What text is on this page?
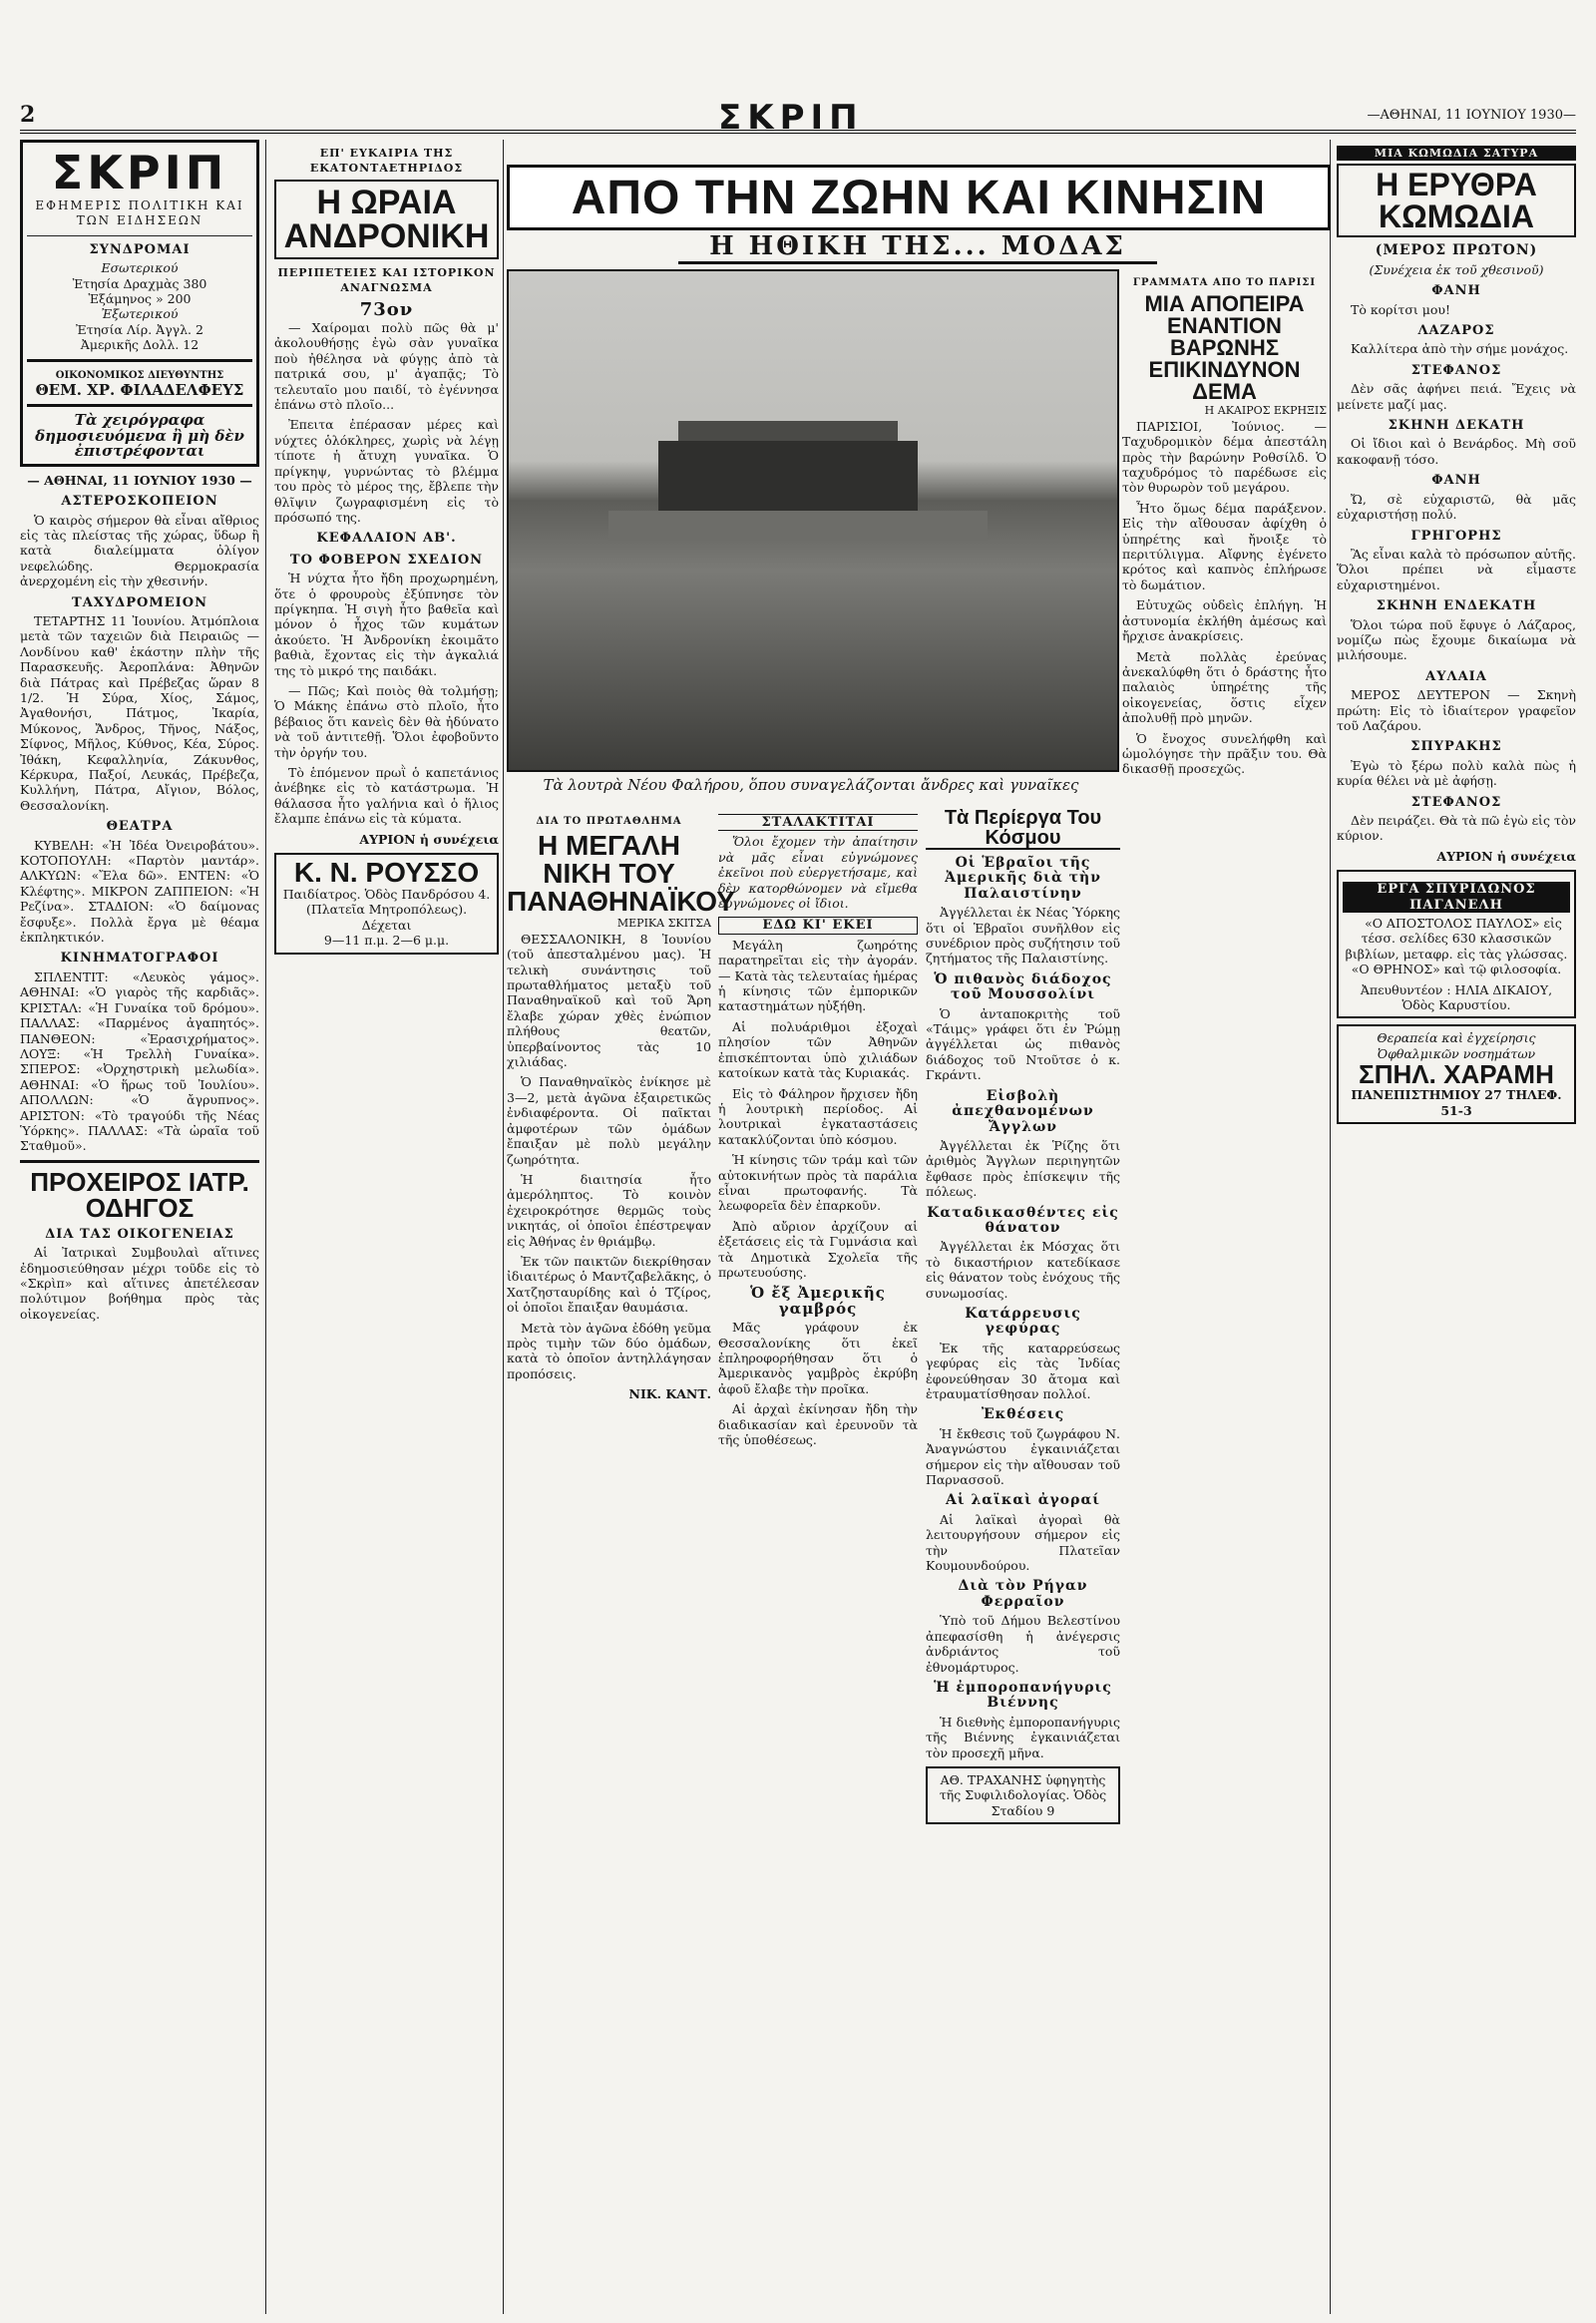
2	ΣΚΡΙΠ	—ΑΘΗΝΑΙ, 11 ΙΟΥΝΙΟΥ 1930—
ΣΚΡΙΠ
ΕΦΗΜΕΡΙΣ ΠΟΛΙΤΙΚΗ ΚΑΙ ΤΩΝ ΕΙΔΗΣΕΩΝ
ΣΥΝΔΡΟΜΑΙ
Εσωτερικού
Ἐτησία Δραχμὰς 380
Ἑξάμηνος » 200
Ἐξωτερικού
Ἐτησία Λίρ. Ἀγγλ. 2
Ἀμερικῆς Δολλ. 12
ΟΙΚΟΝΟΜΙΚΟΣ ΔΙΕΥΘΥΝΤΗΣ
ΘΕΜ. ΧΡ. ΦΙΛΑΔΕΛΦΕΥΣ
Τὰ χειρόγραφα δημοσιευόμενα ἢ μὴ δὲν ἐπιστρέφονται
— ΑΘΗΝΑΙ, 11 ΙΟΥΝΙΟΥ 1930 —
ΑΣΤΕΡΟΣΚΟΠΕΙΟΝ

Ὁ καιρὸς σήμερον θὰ εἶναι αἴθριος εἰς τὰς πλείστας τῆς χώρας, ὕδωρ ἢ κατὰ διαλείμματα ὀλίγον νεφελώδης. Θερμοκρασία ἀνερχομένη εἰς τὴν χθεσινήν.

ΤΑΧΥΔΡΟΜΕΙΟΝ

ΤΕΤΑΡΤΗΣ 11 Ἰουνίου. Ἀτμόπλοια μετὰ τῶν ταχειῶν διὰ Πειραιῶς — Λονδίνου καθ' ἑκάστην πλὴν τῆς Παρασκευῆς. Ἀεροπλάνα: Ἀθηνῶν διὰ Πάτρας καὶ Πρέβεζας ὥραν 8 1/2. Ἡ Σύρα, Χίος, Σάμος, Ἀγαθονήσι, Πάτμος, Ἰκαρία, Μύκονος, Ἄνδρος, Τῆνος, Νάξος, Σίφνος, Μῆλος, Κύθνος, Κέα, Σύρος. Ἰθάκη, Κεφαλληνία, Ζάκυνθος, Κέρκυρα, Παξοί, Λευκάς, Πρέβεζα, Κυλλήνη, Πάτρα, Αἴγιον, Βόλος, Θεσσαλονίκη.

ΘΕΑΤΡΑ

ΚΥΒΕΛΗ: «Ἡ Ἰδέα Ὀνειροβάτου». ΚΟΤΟΠΟΥΛΗ: «Παρτὸν μαντάρ». ΑΛΚΥΩΝ: «Ἔλα δῶ». ΕΝΤΕΝ: «Ὁ Κλέφτης». ΜΙΚΡΟΝ ΖΑΠΠΕΙΟΝ: «Ἡ Ρεζίνα». ΣΤΑΔΙΟΝ: «Ὁ δαίμονας ἔσφυξε». Πολλὰ ἔργα μὲ θέαμα ἐκπληκτικόν.

ΚΙΝΗΜΑΤΟΓΡΑΦΟΙ

ΣΠΛΕΝΤΙΤ: «Λευκὸς γάμος». ΑΘΗΝΑΙ: «Ὁ γιαρὸς τῆς καρδιᾶς». ΚΡΙΣΤΑΛ: «Ἡ Γυναίκα τοῦ δρόμου». ΠΑΛΛΑΣ: «Παρμένος ἀγαπητός». ΠΑΝΘΕΟΝ: «Ἐρασιχρήματος». ΛΟΥΞ: «Ἡ Τρελλὴ Γυναίκα». ΣΠΕΡΟΣ: «Ὀρχηστρικὴ μελωδία». ΑΘΗΝΑΙ: «Ὁ ἥρως τοῦ Ἰουλίου». ΑΠΟΛΛΩΝ: «Ὁ ἄγρυπνος». ΑΡΙΣΤΟΝ: «Τὸ τραγούδι τῆς Νέας Ὑόρκης». ΠΑΛΛΑΣ: «Τὰ ὠραῖα τοῦ Σταθμοῦ».

ΠΡΟΧΕΙΡΟΣ ΙΑΤΡ. ΟΔΗΓΟΣ
ΔΙΑ ΤΑΣ ΟΙΚΟΓΕΝΕΙΑΣ

Αἱ Ἰατρικαὶ Συμβουλαὶ αἵτινες ἐδημοσιεύθησαν μέχρι τοῦδε εἰς τὸ «Σκρὶπ» καὶ αἵτινες ἀπετέλεσαν πολύτιμον βοήθημα πρὸς τὰς οἰκογενείας.

ΕΠ' ΕΥΚΑΙΡΙΑ ΤΗΣ ΕΚΑΤΟΝΤΑΕΤΗΡΙΔΟΣ
Η ΩΡΑΙΑ ΑΝΔΡΟΝΙΚΗ
ΠΕΡΙΠΕΤΕΙΕΣ ΚΑΙ ΙΣΤΟΡΙΚΟΝ ΑΝΑΓΝΩΣΜΑ
73ον

— Χαίρομαι πολὺ πῶς θὰ μ' ἀκολουθήσῃς ἐγὼ σὰν γυναῖκα ποὺ ἠθέλησα νὰ φύγῃς ἀπὸ τὰ πατρικά σου, μ' ἀγαπᾷς; Τὸ τελευταῖο μου παιδί, τὸ ἐγέννησα ἐπάνω στὸ πλοῖο...

Ἐπειτα ἐπέρασαν μέρες καὶ νύχτες ὁλόκληρες, χωρὶς νὰ λέγῃ τίποτε ἡ ἄτυχη γυναῖκα. Ὁ πρίγκηψ, γυρνώντας τὸ βλέμμα του πρὸς τὸ μέρος της, ἔβλεπε τὴν θλῖψιν ζωγραφισμένη εἰς τὸ πρόσωπό της.

ΚΕΦΑΛΑΙΟΝ ΑΒ'.
ΤΟ ΦΟΒΕΡΟΝ ΣΧΕΔΙΟΝ

Ἡ νύχτα ἦτο ἤδη προχωρημένη, ὅτε ὁ φρουροὺς ἐξύπνησε τὸν πρίγκηπα. Ἡ σιγὴ ἦτο βαθεῖα καὶ μόνον ὁ ἦχος τῶν κυμάτων ἀκούετο. Ἡ Ἀνδρονίκη ἐκοιμᾶτο βαθιὰ, ἔχοντας εἰς τὴν ἀγκαλιά της τὸ μικρό της παιδάκι.

— Πῶς; Καὶ ποιὸς θὰ τολμήσῃ; Ὁ Μάκης ἐπάνω στὸ πλοῖο, ἦτο βέβαιος ὅτι κανεὶς δὲν θὰ ἠδύνατο νὰ τοῦ ἀντιτεθῇ. Ὅλοι ἐφοβοῦντο τὴν ὀργήν του.

Τὸ ἑπόμενον πρωῒ ὁ καπετάνιος ἀνέβηκε εἰς τὸ κατάστρωμα. Ἡ θάλασσα ἦτο γαλήνια καὶ ὁ ἥλιος ἔλαμπε ἐπάνω εἰς τὰ κύματα.

ΑΥΡΙΟΝ ἡ συνέχεια
Κ. Ν. ΡΟΥΣΣΟ
Παιδίατρος. Ὁδὸς Πανδρόσου 4.
(Πλατεῖα Μητροπόλεως). Δέχεται
9—11 π.μ. 2—6 μ.μ.
ΑΠΟ ΤΗΝ ΖΩΗΝ ΚΑΙ ΚΙΝΗΣΙΝ
Η ΗΘΙΚΗ ΤΗΣ... ΜΟΔΑΣ
Τὰ λουτρὰ Νέου Φαλήρου, ὅπου συναγελάζονται ἄνδρες καὶ γυναῖκες
ΔΙΑ ΤΟ ΠΡΩΤΑΘΛΗΜΑ
Η ΜΕΓΑΛΗ ΝΙΚΗ ΤΟΥ ΠΑΝΑΘΗΝΑΪΚΟΥ
ΜΕΡΙΚΑ ΣΚΙΤΣΑ

ΘΕΣΣΑΛΟΝΙΚΗ, 8 Ἰουνίου (τοῦ ἀπεσταλμένου μας). Ἡ τελικὴ συνάντησις τοῦ πρωταθλήματος μεταξὺ τοῦ Παναθηναϊκοῦ καὶ τοῦ Ἄρη ἔλαβε χώραν χθὲς ἐνώπιον πλήθους θεατῶν, ὑπερβαίνοντος τὰς 10 χιλιάδας.

Ὁ Παναθηναϊκὸς ἐνίκησε μὲ 3—2, μετὰ ἀγῶνα ἐξαιρετικῶς ἐνδιαφέροντα. Οἱ παῖκται ἀμφοτέρων τῶν ὁμάδων ἔπαιξαν μὲ πολὺ μεγάλην ζωηρότητα.

Ἡ διαιτησία ἦτο ἀμερόληπτος. Τὸ κοινὸν ἐχειροκρότησε θερμῶς τοὺς νικητάς, οἱ ὁποῖοι ἐπέστρεψαν εἰς Ἀθήνας ἐν θριάμβῳ.

Ἐκ τῶν παικτῶν διεκρίθησαν ἰδιαιτέρως ὁ Μαντζαβελᾶκης, ὁ Χατζησταυρίδης καὶ ὁ Τζίρος, οἱ ὁποῖοι ἔπαιξαν θαυμάσια.

Μετὰ τὸν ἀγῶνα ἐδόθη γεῦμα πρὸς τιμὴν τῶν δύο ὁμάδων, κατὰ τὸ ὁποῖον ἀντηλλάγησαν προπόσεις.

ΝΙΚ. ΚΑΝΤ.
ΣΤΑΛΑΚΤΙΤΑΙ

Ὅλοι ἔχομεν τὴν ἀπαίτησιν νὰ μᾶς εἶναι εὐγνώμονες ἐκεῖνοι ποὺ εὐεργετήσαμε, καὶ δὲν κατορθώνομεν νὰ εἴμεθα εὐγνώμονες οἱ ἴδιοι.

ΕΔΩ ΚΙ' ΕΚΕΙ

Μεγάλη ζωηρότης παρατηρεῖται εἰς τὴν ἀγοράν. — Κατὰ τὰς τελευταίας ἡμέρας ἡ κίνησις τῶν ἐμπορικῶν καταστημάτων ηὐξήθη.

Αἱ πολυάριθμοι ἐξοχαὶ πλησίον τῶν Ἀθηνῶν ἐπισκέπτονται ὑπὸ χιλιάδων κατοίκων κατὰ τὰς Κυριακάς.

Εἰς τὸ Φάληρον ἤρχισεν ἤδη ἡ λουτρικὴ περίοδος. Αἱ λουτρικαὶ ἐγκαταστάσεις κατακλύζονται ὑπὸ κόσμου.

Ἡ κίνησις τῶν τράμ καὶ τῶν αὐτοκινήτων πρὸς τὰ παράλια εἶναι πρωτοφανής. Τὰ λεωφορεῖα δὲν ἐπαρκοῦν.

Ἀπὸ αὔριον ἀρχίζουν αἱ ἐξετάσεις εἰς τὰ Γυμνάσια καὶ τὰ Δημοτικὰ Σχολεῖα τῆς πρωτευούσης.

Ὁ ἔξ Ἀμερικῆς γαμβρός

Μᾶς γράφουν ἐκ Θεσσαλονίκης ὅτι ἐκεῖ ἐπληροφορήθησαν ὅτι ὁ Ἀμερικανὸς γαμβρὸς ἐκρύβη ἀφοῦ ἔλαβε τὴν προῖκα.

Αἱ ἀρχαὶ ἐκίνησαν ἤδη τὴν διαδικασίαν καὶ ἐρευνοῦν τὰ τῆς ὑποθέσεως.

ΓΡΑΜΜΑΤΑ ΑΠΟ ΤΟ ΠΑΡΙΣΙ
ΜΙΑ ΑΠΟΠΕΙΡΑ ΕΝΑΝΤΙΟΝ ΒΑΡΩΝΗΣ ΕΠΙΚΙΝΔΥΝΟΝ ΔΕΜΑ
Η ΑΚΑΙΡΟΣ ΕΚΡΗΞΙΣ

ΠΑΡΙΣΙΟΙ, Ἰούνιος. — Ταχυδρομικὸν δέμα ἀπεστάλη πρὸς τὴν βαρώνην Ροθσίλδ. Ὁ ταχυδρόμος τὸ παρέδωσε εἰς τὸν θυρωρὸν τοῦ μεγάρου.

Ἦτο ὅμως δέμα παράξενον. Εἰς τὴν αἴθουσαν ἀφίχθη ὁ ὑπηρέτης καὶ ἤνοιξε τὸ περιτύλιγμα. Αἴφνης ἐγένετο κρότος καὶ καπνὸς ἐπλήρωσε τὸ δωμάτιον.

Εὐτυχῶς οὐδεὶς ἐπλήγη. Ἡ ἀστυνομία ἐκλήθη ἀμέσως καὶ ἤρχισε ἀνακρίσεις.

Μετὰ πολλὰς ἐρεύνας ἀνεκαλύφθη ὅτι ὁ δράστης ἦτο παλαιὸς ὑπηρέτης τῆς οἰκογενείας, ὅστις εἶχεν ἀπολυθῇ πρὸ μηνῶν.

Ὁ ἔνοχος συνελήφθη καὶ ὡμολόγησε τὴν πρᾶξιν του. Θὰ δικασθῇ προσεχῶς.

Τὰ Περίεργα Του Κόσμου
Οἱ Ἑβραῖοι τῆς Ἀμερικῆς διὰ τὴν Παλαιστίνην

Ἀγγέλλεται ἐκ Νέας Ὑόρκης ὅτι οἱ Ἑβραῖοι συνῆλθον εἰς συνέδριον πρὸς συζήτησιν τοῦ ζητήματος τῆς Παλαιστίνης.

Ὁ πιθανὸς διάδοχος τοῦ Μουσσολίνι

Ὁ ἀνταποκριτὴς τοῦ «Τάιμς» γράφει ὅτι ἐν Ῥώμῃ ἀγγέλλεται ὡς πιθανὸς διάδοχος τοῦ Ντοῦτσε ὁ κ. Γκράντι.

Εἰσβολὴ ἀπεχθανομένων Ἄγγλων

Ἀγγέλλεται ἐκ Ῥίζης ὅτι ἀριθμὸς Ἄγγλων περιηγητῶν ἔφθασε πρὸς ἐπίσκεψιν τῆς πόλεως.

Καταδικασθέντες εἰς θάνατον

Ἀγγέλλεται ἐκ Μόσχας ὅτι τὸ δικαστήριον κατεδίκασε εἰς θάνατον τοὺς ἐνόχους τῆς συνωμοσίας.

Κατάρρευσις γεφύρας

Ἐκ τῆς καταρρεύσεως γεφύρας εἰς τὰς Ἰνδίας ἐφονεύθησαν 30 ἄτομα καὶ ἐτραυματίσθησαν πολλοί.

Ἐκθέσεις

Ἡ ἔκθεσις τοῦ ζωγράφου Ν. Ἀναγνώστου ἐγκαινιάζεται σήμερον εἰς τὴν αἴθουσαν τοῦ Παρνασσοῦ.

Αἱ λαϊκαὶ ἀγοραί

Αἱ λαϊκαὶ ἀγοραὶ θὰ λειτουργήσουν σήμερον εἰς τὴν Πλατεῖαν Κουμουνδούρου.

Διὰ τὸν Ρήγαν Φερραῖον

Ὑπὸ τοῦ Δήμου Βελεστίνου ἀπεφασίσθη ἡ ἀνέγερσις ἀνδριάντος τοῦ ἐθνομάρτυρος.

Ἡ ἐμποροπανήγυρις Βιέννης

Ἡ διεθνὴς ἐμποροπανήγυρις τῆς Βιέννης ἐγκαινιάζεται τὸν προσεχῆ μῆνα.

ΑΘ. ΤΡΑΧΑΝΗΣ ὑφηγητὴς τῆς Συφιλιδολογίας. Ὁδὸς Σταδίου 9
ΜΙΑ ΚΩΜΩΔΙΑ ΣΑΤΥΡΑ
Η ΕΡΥΘΡΑ ΚΩΜΩΔΙΑ
(ΜΕΡΟΣ ΠΡΩΤΟΝ)
(Συνέχεια ἐκ τοῦ χθεσινοῦ)
ΦΑΝΗ

Τὸ κορίτσι μου!

ΛΑΖΑΡΟΣ

Καλλίτερα ἀπὸ τὴν σήμε μονάχος.

ΣΤΕΦΑΝΟΣ

Δὲν σᾶς ἀφήνει πειά. Ἔχεις νὰ μείνετε μαζί μας.

ΣΚΗΝΗ ΔΕΚΑΤΗ

Οἱ ἴδιοι καὶ ὁ Βενάρδος. Μὴ σοῦ κακοφανῇ τόσο.

ΦΑΝΗ

Ὤ, σὲ εὐχαριστῶ, θὰ μᾶς εὐχαριστήσῃ πολύ.

ΓΡΗΓΟΡΗΣ

Ἂς εἶναι καλὰ τὸ πρόσωπον αὐτῆς. Ὅλοι πρέπει νὰ εἶμαστε εὐχαριστημένοι.

ΣΚΗΝΗ ΕΝΔΕΚΑΤΗ

Ὅλοι τώρα ποῦ ἔφυγε ὁ Λάζαρος, νομίζω πὼς ἔχουμε δικαίωμα νὰ μιλήσουμε.

ΑΥΛΑΙΑ

ΜΕΡΟΣ ΔΕΥΤΕΡΟΝ — Σκηνὴ πρώτη: Εἰς τὸ ἰδιαίτερον γραφεῖον τοῦ Λαζάρου.

ΣΠΥΡΑΚΗΣ

Ἐγὼ τὸ ξέρω πολὺ καλὰ πὼς ἡ κυρία θέλει νὰ μὲ ἀφήσῃ.

ΣΤΕΦΑΝΟΣ

Δὲν πειράζει. Θὰ τὰ πῶ ἐγὼ εἰς τὸν κύριον.

ΑΥΡΙΟΝ ἡ συνέχεια
ΕΡΓΑ ΣΠΥΡΙΔΩΝΟΣ ΠΑΓΑΝΕΛΗ

«Ο ΑΠΟΣΤΟΛΟΣ ΠΑΥΛΟΣ» εἰς τέσσ. σελίδες 630 κλασσικῶν βιβλίων, μεταφρ. εἰς τὰς γλώσσας. «Ο ΘΡΗΝΟΣ» καὶ τῷ φιλοσοφία.

Ἀπευθυντέον : ΗΛΙΑ ΔΙΚΑΙΟΥ, Ὁδὸς Καρυστίου.
Θεραπεία καὶ ἐγχείρησις Ὀφθαλμικῶν νοσημάτων
ΣΠΗΛ. ΧΑΡΑΜΗ
ΠΑΝΕΠΙΣΤΗΜΙΟΥ 27 ΤΗΛΕΦ. 51-3
